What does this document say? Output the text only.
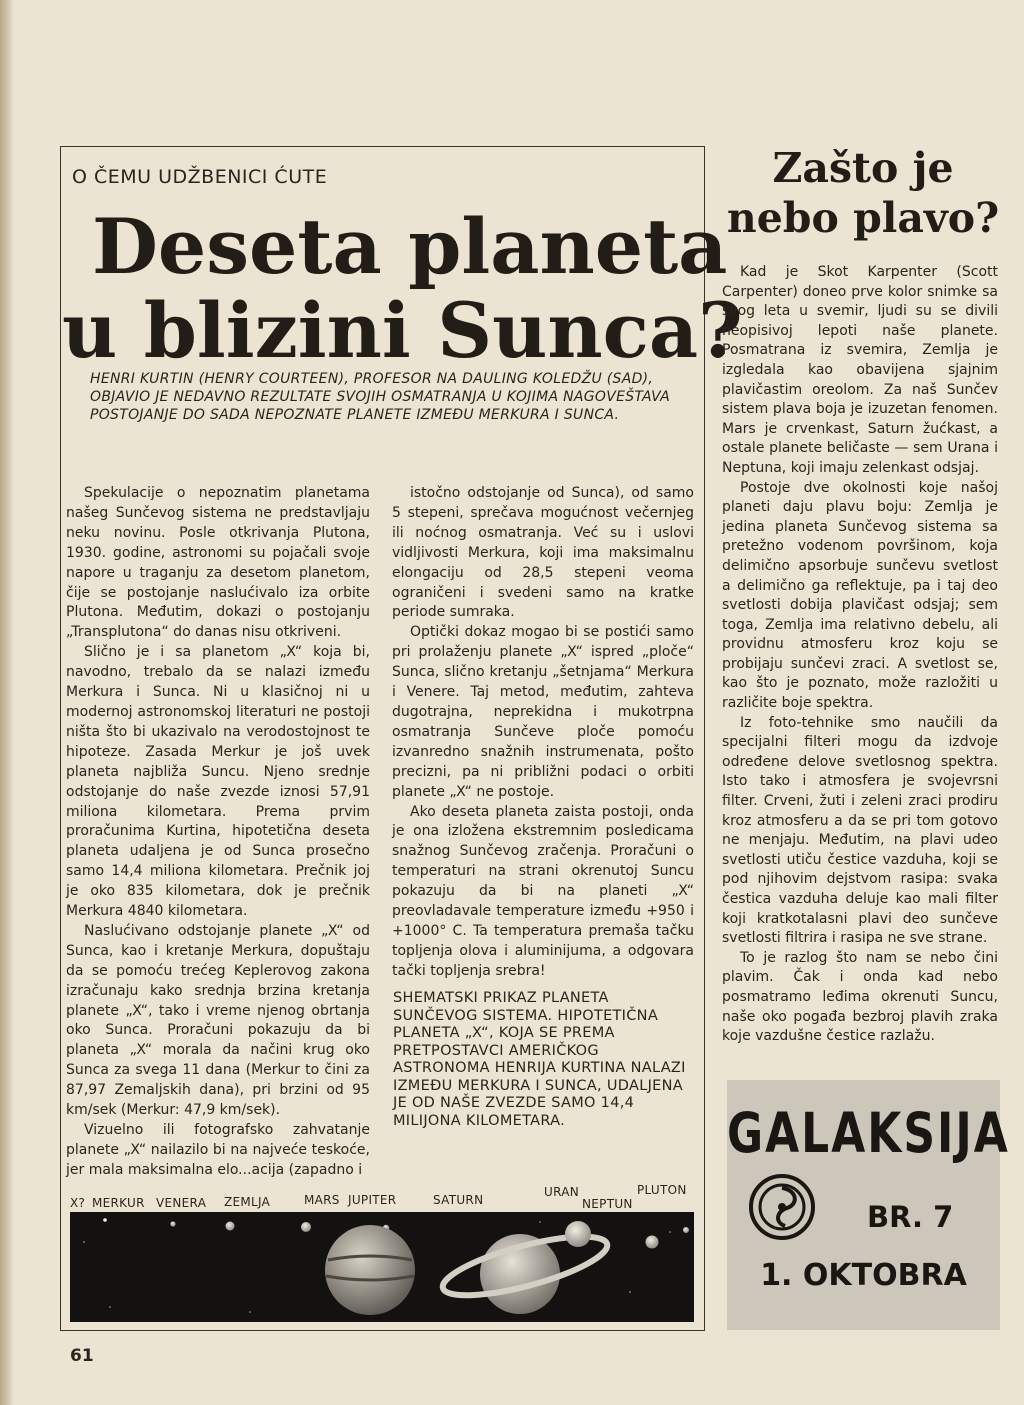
O ČEMU UDŽBENICI ĆUTE
Deseta planeta
u blizini Sunca?
HENRI KURTIN (HENRY COURTEEN), PROFESOR NA DAULING KOLEDŽU (SAD), OBJAVIO JE NEDAVNO REZULTATE SVOJIH OSMATRANJA U KOJIMA NAGOVEŠTAVA POSTOJANJE DO SADA NEPOZNATE PLANETE IZMEĐU MERKURA I SUNCA.

Spekulacije o nepoznatim planetama našeg Sunčevog sistema ne predstavljaju neku novinu. Posle otkrivanja Plutona, 1930. godine, astronomi su pojačali svoje napore u traganju za desetom planetom, čije se postojanje naslućivalo iza orbite Plutona. Međutim, dokazi o postojanju „Transplutona“ do danas nisu otkriveni.

Slično je i sa planetom „X“ koja bi, navodno, trebalo da se nalazi između Merkura i Sunca. Ni u klasičnoj ni u modernoj astronomskoj literaturi ne postoji ništa što bi ukazivalo na verodostojnost te hipoteze. Zasada Merkur je još uvek planeta najbliža Suncu. Njeno srednje odstojanje do naše zvezde iznosi 57,91 miliona kilometara. Prema prvim proračunima Kurtina, hipotetična deseta planeta udaljena je od Sunca prosečno samo 14,4 miliona kilometara. Prečnik joj je oko 835 kilometara, dok je prečnik Merkura 4840 kilometara.

Naslućivano odstojanje planete „X“ od Sunca, kao i kretanje Merkura, dopuštaju da se pomoću trećeg Keplerovog zakona izračunaju kako srednja brzina kretanja planete „X“, tako i vreme njenog obrtanja oko Sunca. Proračuni pokazuju da bi planeta „X“ morala da načini krug oko Sunca za svega 11 dana (Merkur to čini za 87,97 Zemaljskih dana), pri brzini od 95 km/sek (Merkur: 47,9 km/sek).

Vizuelno ili fotografsko zahvatanje planete „X“ nailazilo bi na najveće teskoće, jer mala maksimalna elo...acija (zapadno i

istočno odstojanje od Sunca), od samo 5 stepeni, sprečava mogućnost večernjeg ili noćnog osmatranja. Već su i uslovi vidljivosti Merkura, koji ima maksimalnu elongaciju od 28,5 stepeni veoma ograničeni i svedeni samo na kratke periode sumraka.

Optički dokaz mogao bi se postići samo pri prolaženju planete „X“ ispred „ploče“ Sunca, slično kretanju „šetnjama“ Merkura i Venere. Taj metod, međutim, zahteva dugotrajna, neprekidna i mukotrpna osmatranja Sunčeve ploče pomoću izvanredno snažnih instrumenata, pošto precizni, pa ni približni podaci o orbiti planete „X“ ne postoje.

Ako deseta planeta zaista postoji, onda je ona izložena ekstremnim posledicama snažnog Sunčevog zračenja. Proračuni o temperaturi na strani okrenutoj Suncu pokazuju da bi na planeti „X“ preovladavale temperature između +950 i +1000° C. Ta temperatura premaša tačku topljenja olova i aluminijuma, a odgovara tački topljenja srebra!

SHEMATSKI PRIKAZ PLANETA SUNČEVOG SISTEMA. HIPOTETIČNA PLANETA „X“, KOJA SE PREMA PRETPOSTAVCI AMERIČKOG ASTRONOMA HENRIJA KURTINA NALAZI IZMEĐU MERKURA I SUNCA, UDALJENA JE OD NAŠE ZVEZDE SAMO 14,4 MILIJONA KILOMETARA.
X? MERKUR VENERA ZEMLJA	MARS JUPITER	SATURN
URAN
NEPTUN
PLUTON
Zašto je
nebo plavo?

Kad je Skot Karpenter (Scott Carpenter) doneo prve kolor snimke sa svog leta u svemir, ljudi su se divili neopisivoj lepoti naše planete. Posmatrana iz svemira, Zemlja je izgledala kao obavijena sjajnim plavičastim oreolom. Za naš Sunčev sistem plava boja je izuzetan fenomen. Mars je crvenkast, Saturn žućkast, a ostale planete beličaste — sem Urana i Neptuna, koji imaju zelenkast odsjaj.

Postoje dve okolnosti koje našoj planeti daju plavu boju: Zemlja je jedina planeta Sunčevog sistema sa pretežno vodenom površinom, koja delimično apsorbuje sunčevu svetlost a delimično ga reflektuje, pa i taj deo svetlosti dobija plavičast odsjaj; sem toga, Zemlja ima relativno debelu, ali providnu atmosferu kroz koju se probijaju sunčevi zraci. A svetlost se, kao što je poznato, može razložiti u različite boje spektra.

Iz foto-tehnike smo naučili da specijalni filteri mogu da izdvoje određene delove svetlosnog spektra. Isto tako i atmosfera je svojevrsni filter. Crveni, žuti i zeleni zraci prodiru kroz atmosferu a da se pri tom gotovo ne menjaju. Međutim, na plavi udeo svetlosti utiču čestice vazduha, koji se pod njihovim dejstvom rasipa: svaka čestica vazduha deluje kao mali filter koji kratkotalasni plavi deo sunčeve svetlosti filtrira i rasipa ne sve strane.

To je razlog što nam se nebo čini plavim. Čak i onda kad nebo posmatramo leđima okrenuti Suncu, naše oko pogađa bezbroj plavih zraka koje vazdušne čestice razlažu.

GALAKSIJA
BR. 7
1. OKTOBRA
61
